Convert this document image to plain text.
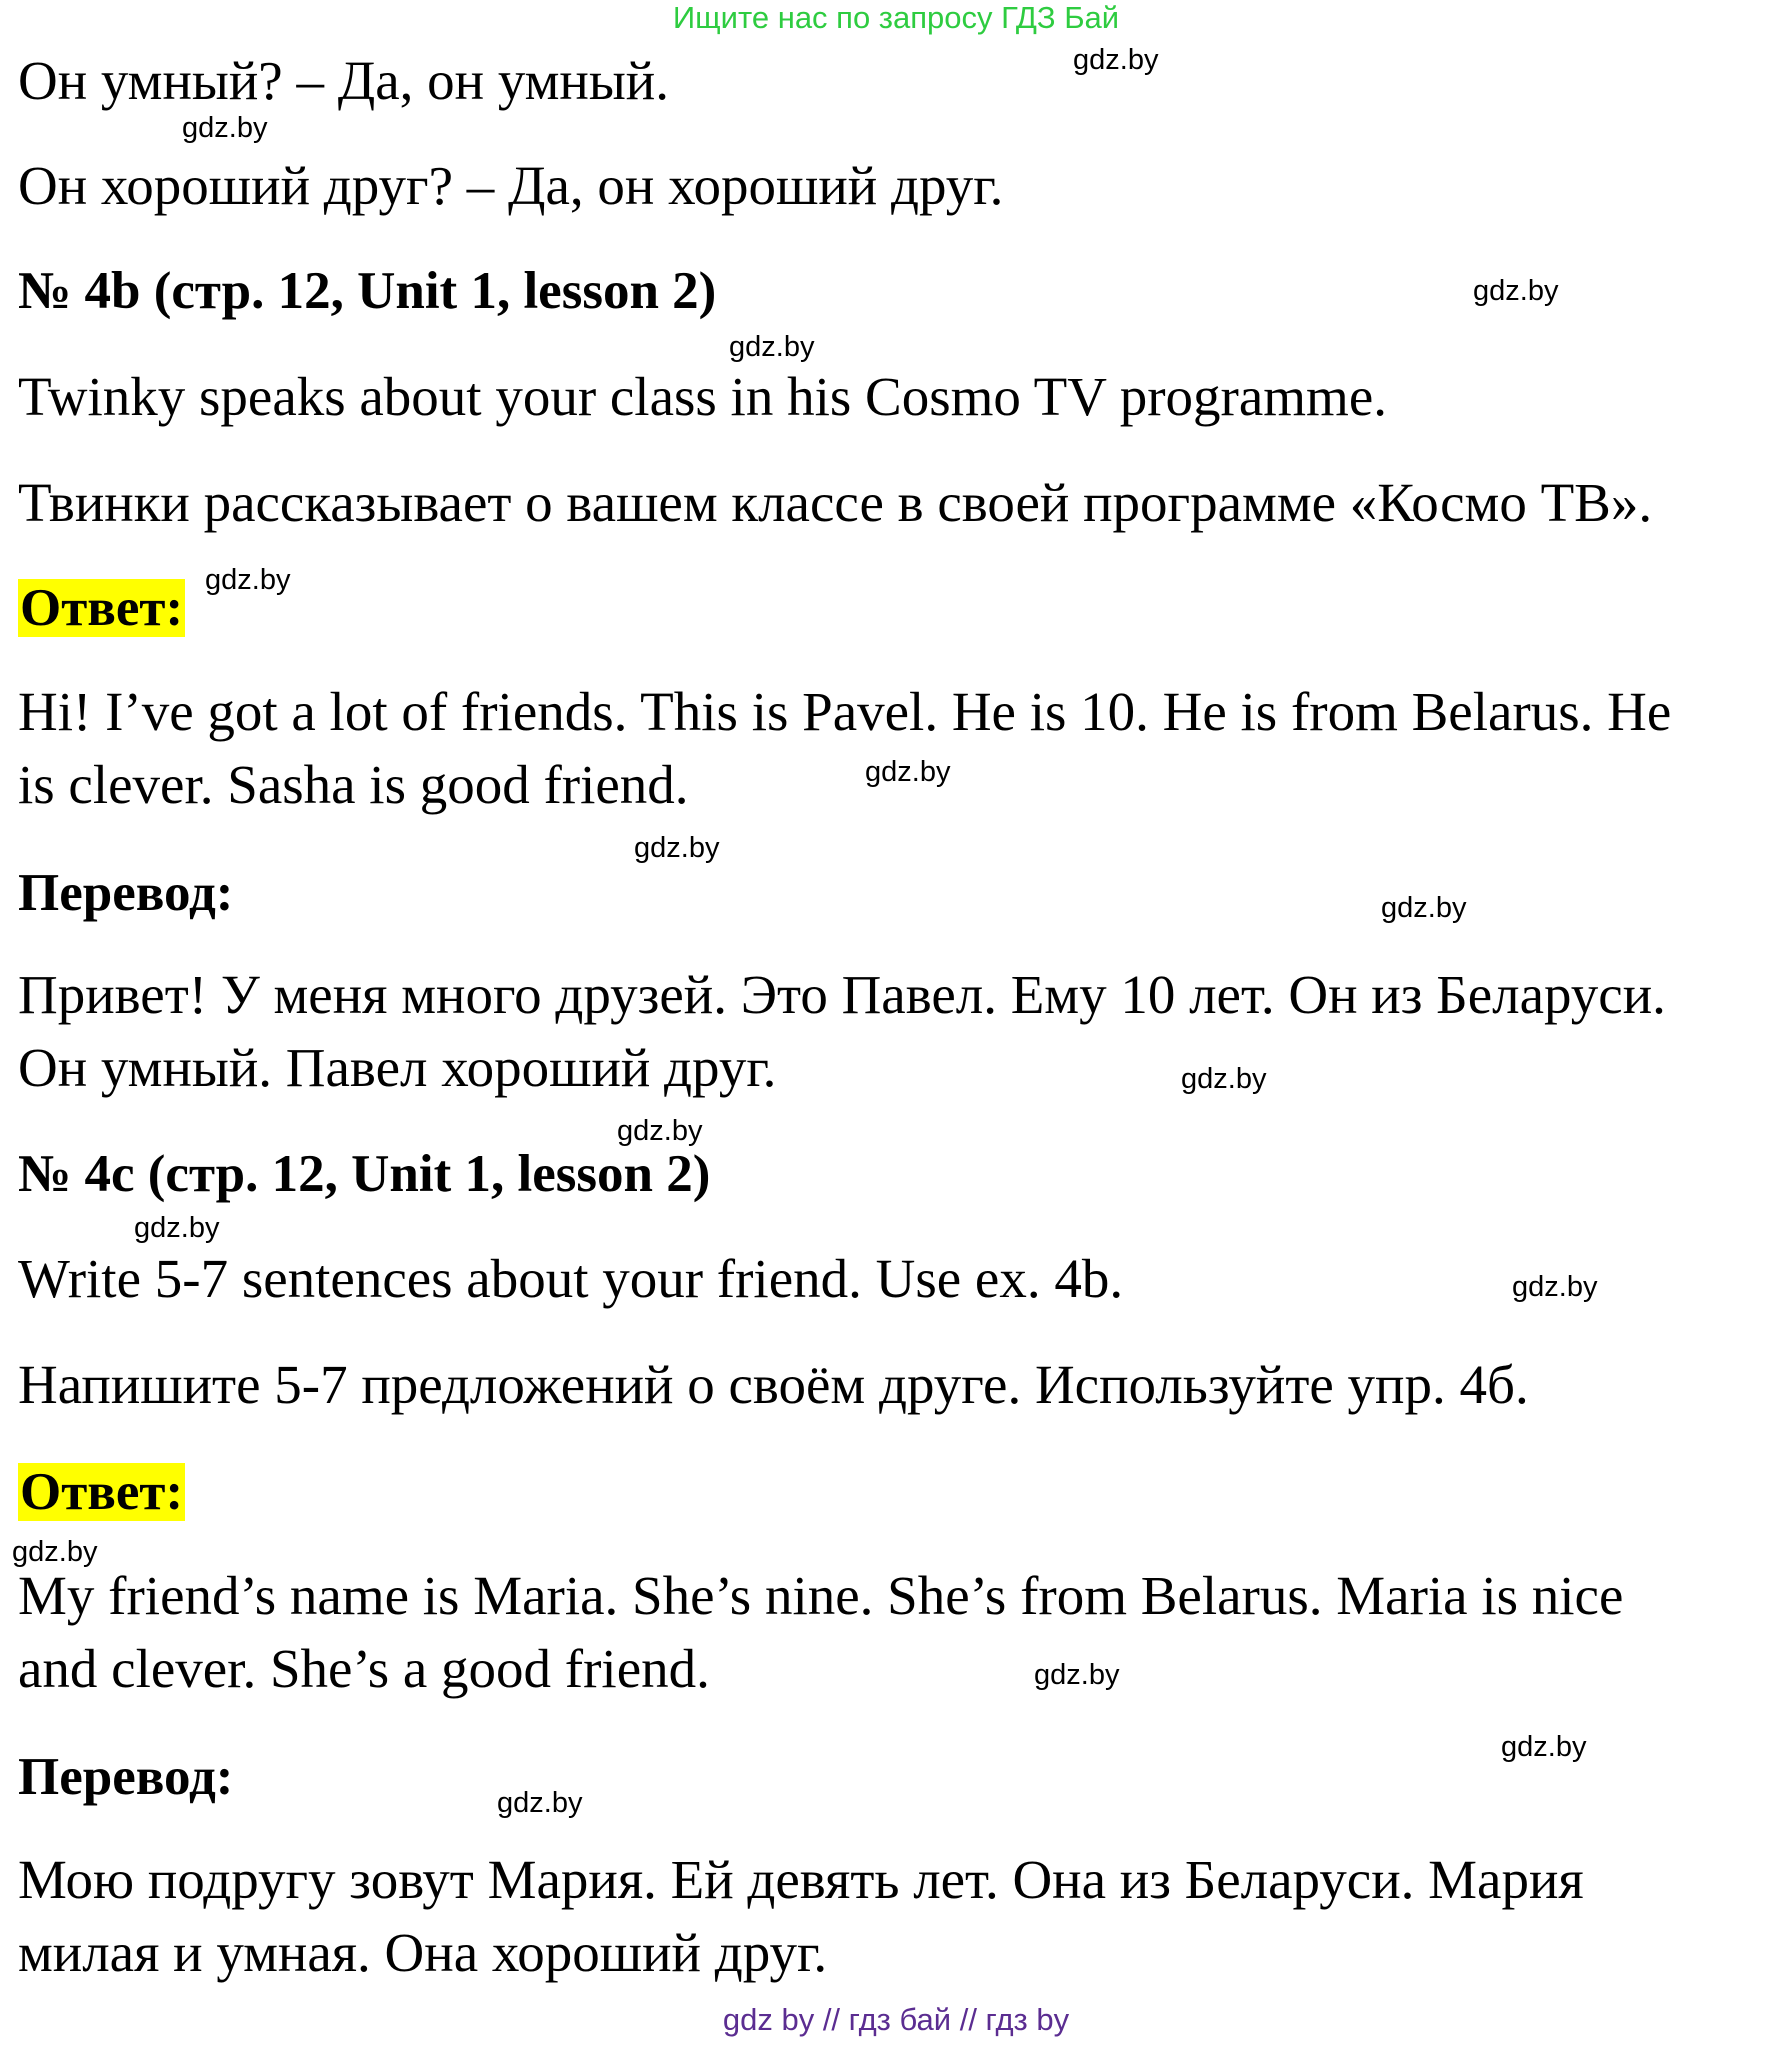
Ищите нас по запросу ГДЗ Бай
Он умный? – Да, он умный.
Он хороший друг? – Да, он хороший друг.
№ 4b (стр. 12, Unit 1, lesson 2)
Twinky speaks about your class in his Cosmo TV programme.
Твинки рассказывает о вашем классе в своей программе «Космо ТВ».
Ответ:
Hi! I’ve got a lot of friends. This is Pavel. He is 10. He is from Belarus. He
is clever. Sasha is good friend.
Перевод:
Привет! У меня много друзей. Это Павел. Ему 10 лет. Он из Беларуси.
Он умный. Павел хороший друг.
№ 4c (стр. 12, Unit 1, lesson 2)
Write 5-7 sentences about your friend. Use ex. 4b.
Напишите 5-7 предложений о своём друге. Используйте упр. 4б.
Ответ:
My friend’s name is Maria. She’s nine. She’s from Belarus. Maria is nice
and clever. She’s a good friend.
Перевод:
Мою подругу зовут Мария. Ей девять лет. Она из Беларуси. Мария
милая и умная. Она хороший друг.
gdz.by
gdz.by
gdz.by
gdz.by
gdz.by
gdz.by
gdz.by
gdz.by
gdz.by
gdz.by
gdz.by
gdz.by
gdz.by
gdz.by
gdz.by
gdz.by
gdz by // гдз бай // гдз by
